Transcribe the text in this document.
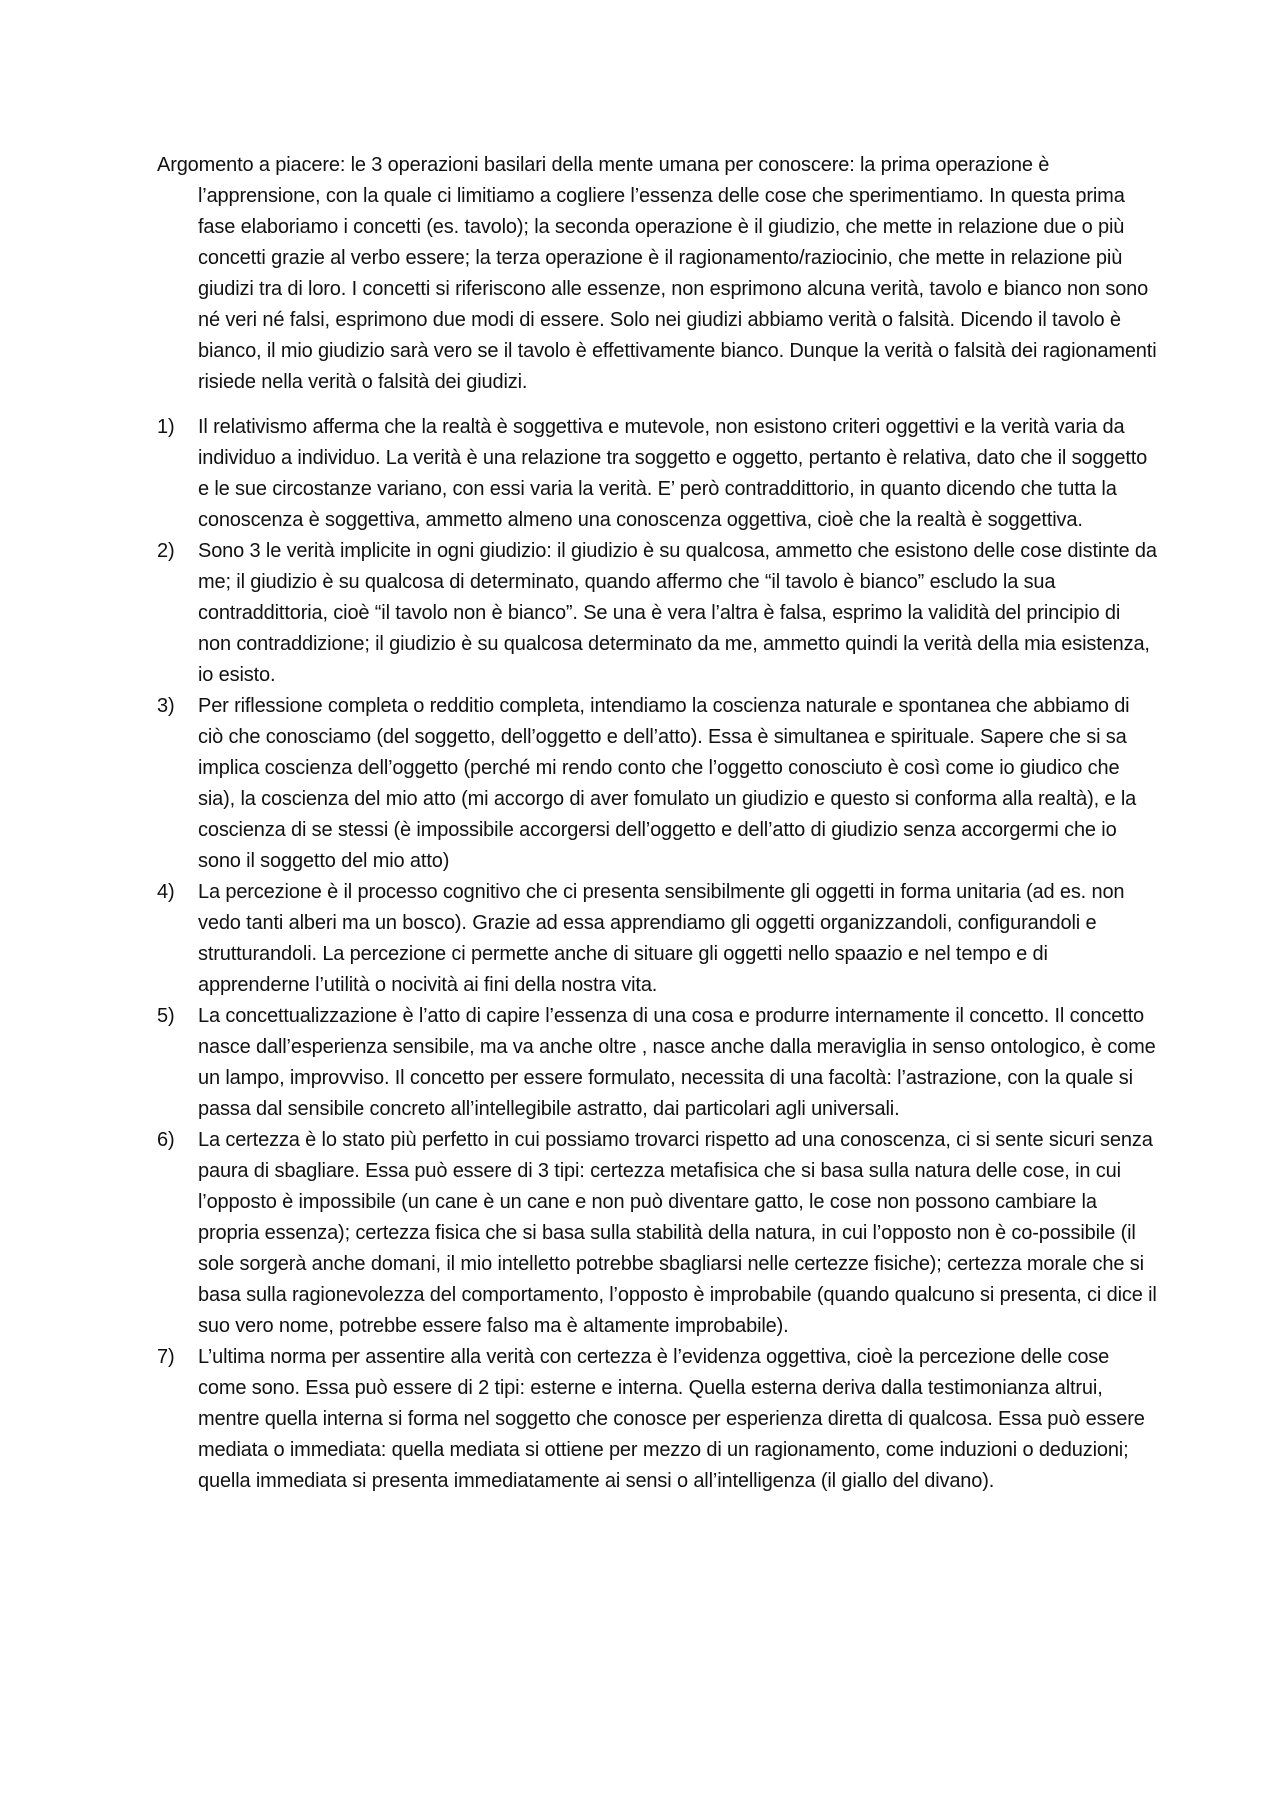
Argomento a piacere: le 3 operazioni basilari della mente umana per conoscere: la prima operazione è l’apprensione, con la quale ci limitiamo a cogliere l’essenza delle cose che sperimentiamo. In questa prima fase elaboriamo i concetti (es. tavolo); la seconda operazione è il giudizio, che mette in relazione due o più concetti grazie al verbo essere; la terza operazione è il ragionamento/raziocinio, che mette in relazione più giudizi tra di loro. I concetti si riferiscono alle essenze, non esprimono alcuna verità, tavolo e bianco non sono né veri né falsi, esprimono due modi di essere. Solo nei giudizi abbiamo verità o falsità. Dicendo il tavolo è bianco, il mio giudizio sarà vero se il tavolo è effettivamente bianco. Dunque la verità o falsità dei ragionamenti risiede nella verità o falsità dei giudizi.

1)	Il relativismo afferma che la realtà è soggettiva e mutevole, non esistono criteri oggettivi e la verità varia da individuo a individuo. La verità è una relazione tra soggetto e oggetto, pertanto è relativa, dato che il soggetto e le sue circostanze variano, con essi varia la verità. E’ però contraddittorio, in quanto dicendo che tutta la conoscenza è soggettiva, ammetto almeno una conoscenza oggettiva, cioè che la realtà è soggettiva.
2)	Sono 3 le verità implicite in ogni giudizio: il giudizio è su qualcosa, ammetto che esistono delle cose distinte da me; il giudizio è su qualcosa di determinato, quando affermo che “il tavolo è bianco” escludo la sua contraddittoria, cioè “il tavolo non è bianco”. Se una è vera l’altra è falsa, esprimo la validità del principio di non contraddizione; il giudizio è su qualcosa determinato da me, ammetto quindi la verità della mia esistenza, io esisto.
3)	Per riflessione completa o redditio completa, intendiamo la coscienza naturale e spontanea che abbiamo di ciò che conosciamo (del soggetto, dell’oggetto e dell’atto). Essa è simultanea e spirituale. Sapere che si sa implica coscienza dell’oggetto (perché mi rendo conto che l’oggetto conosciuto è così come io giudico che sia), la coscienza del mio atto (mi accorgo di aver fomulato un giudizio e questo si conforma alla realtà), e la coscienza di se stessi (è impossibile accorgersi dell’oggetto e dell’atto di giudizio senza accorgermi che io sono il soggetto del mio atto)
4)	La percezione è il processo cognitivo che ci presenta sensibilmente gli oggetti in forma unitaria (ad es. non vedo tanti alberi ma un bosco). Grazie ad essa apprendiamo gli oggetti organizzandoli, configurandoli e strutturandoli. La percezione ci permette anche di situare gli oggetti nello spaazio e nel tempo e di apprenderne l’utilità o nocività ai fini della nostra vita.
5)	La concettualizzazione è l’atto di capire l’essenza di una cosa e produrre internamente il concetto. Il concetto nasce dall’esperienza sensibile, ma va anche oltre , nasce anche dalla meraviglia in senso ontologico, è come un lampo, improvviso. Il concetto per essere formulato, necessita di una facoltà: l’astrazione, con la quale si passa dal sensibile concreto all’intellegibile astratto, dai particolari agli universali.
6)	La certezza è lo stato più perfetto in cui possiamo trovarci rispetto ad una conoscenza, ci si sente sicuri senza paura di sbagliare. Essa può essere di 3 tipi: certezza metafisica che si basa sulla natura delle cose, in cui l’opposto è impossibile (un cane è un cane e non può diventare gatto, le cose non possono cambiare la propria essenza); certezza fisica che si basa sulla stabilità della natura, in cui l’opposto non è co-possibile (il sole sorgerà anche domani, il mio intelletto potrebbe sbagliarsi nelle certezze fisiche); certezza morale che si basa sulla ragionevolezza del comportamento, l’opposto è improbabile (quando qualcuno si presenta, ci dice il suo vero nome, potrebbe essere falso ma è altamente improbabile).
7)	L’ultima norma per assentire alla verità con certezza è l’evidenza oggettiva, cioè la percezione delle cose come sono. Essa può essere di 2 tipi: esterne e interna. Quella esterna deriva dalla testimonianza altrui, mentre quella interna si forma nel soggetto che conosce per esperienza diretta di qualcosa. Essa può essere mediata o immediata: quella mediata si ottiene per mezzo di un ragionamento, come induzioni o deduzioni; quella immediata si presenta immediatamente ai sensi o all’intelligenza (il giallo del divano).
